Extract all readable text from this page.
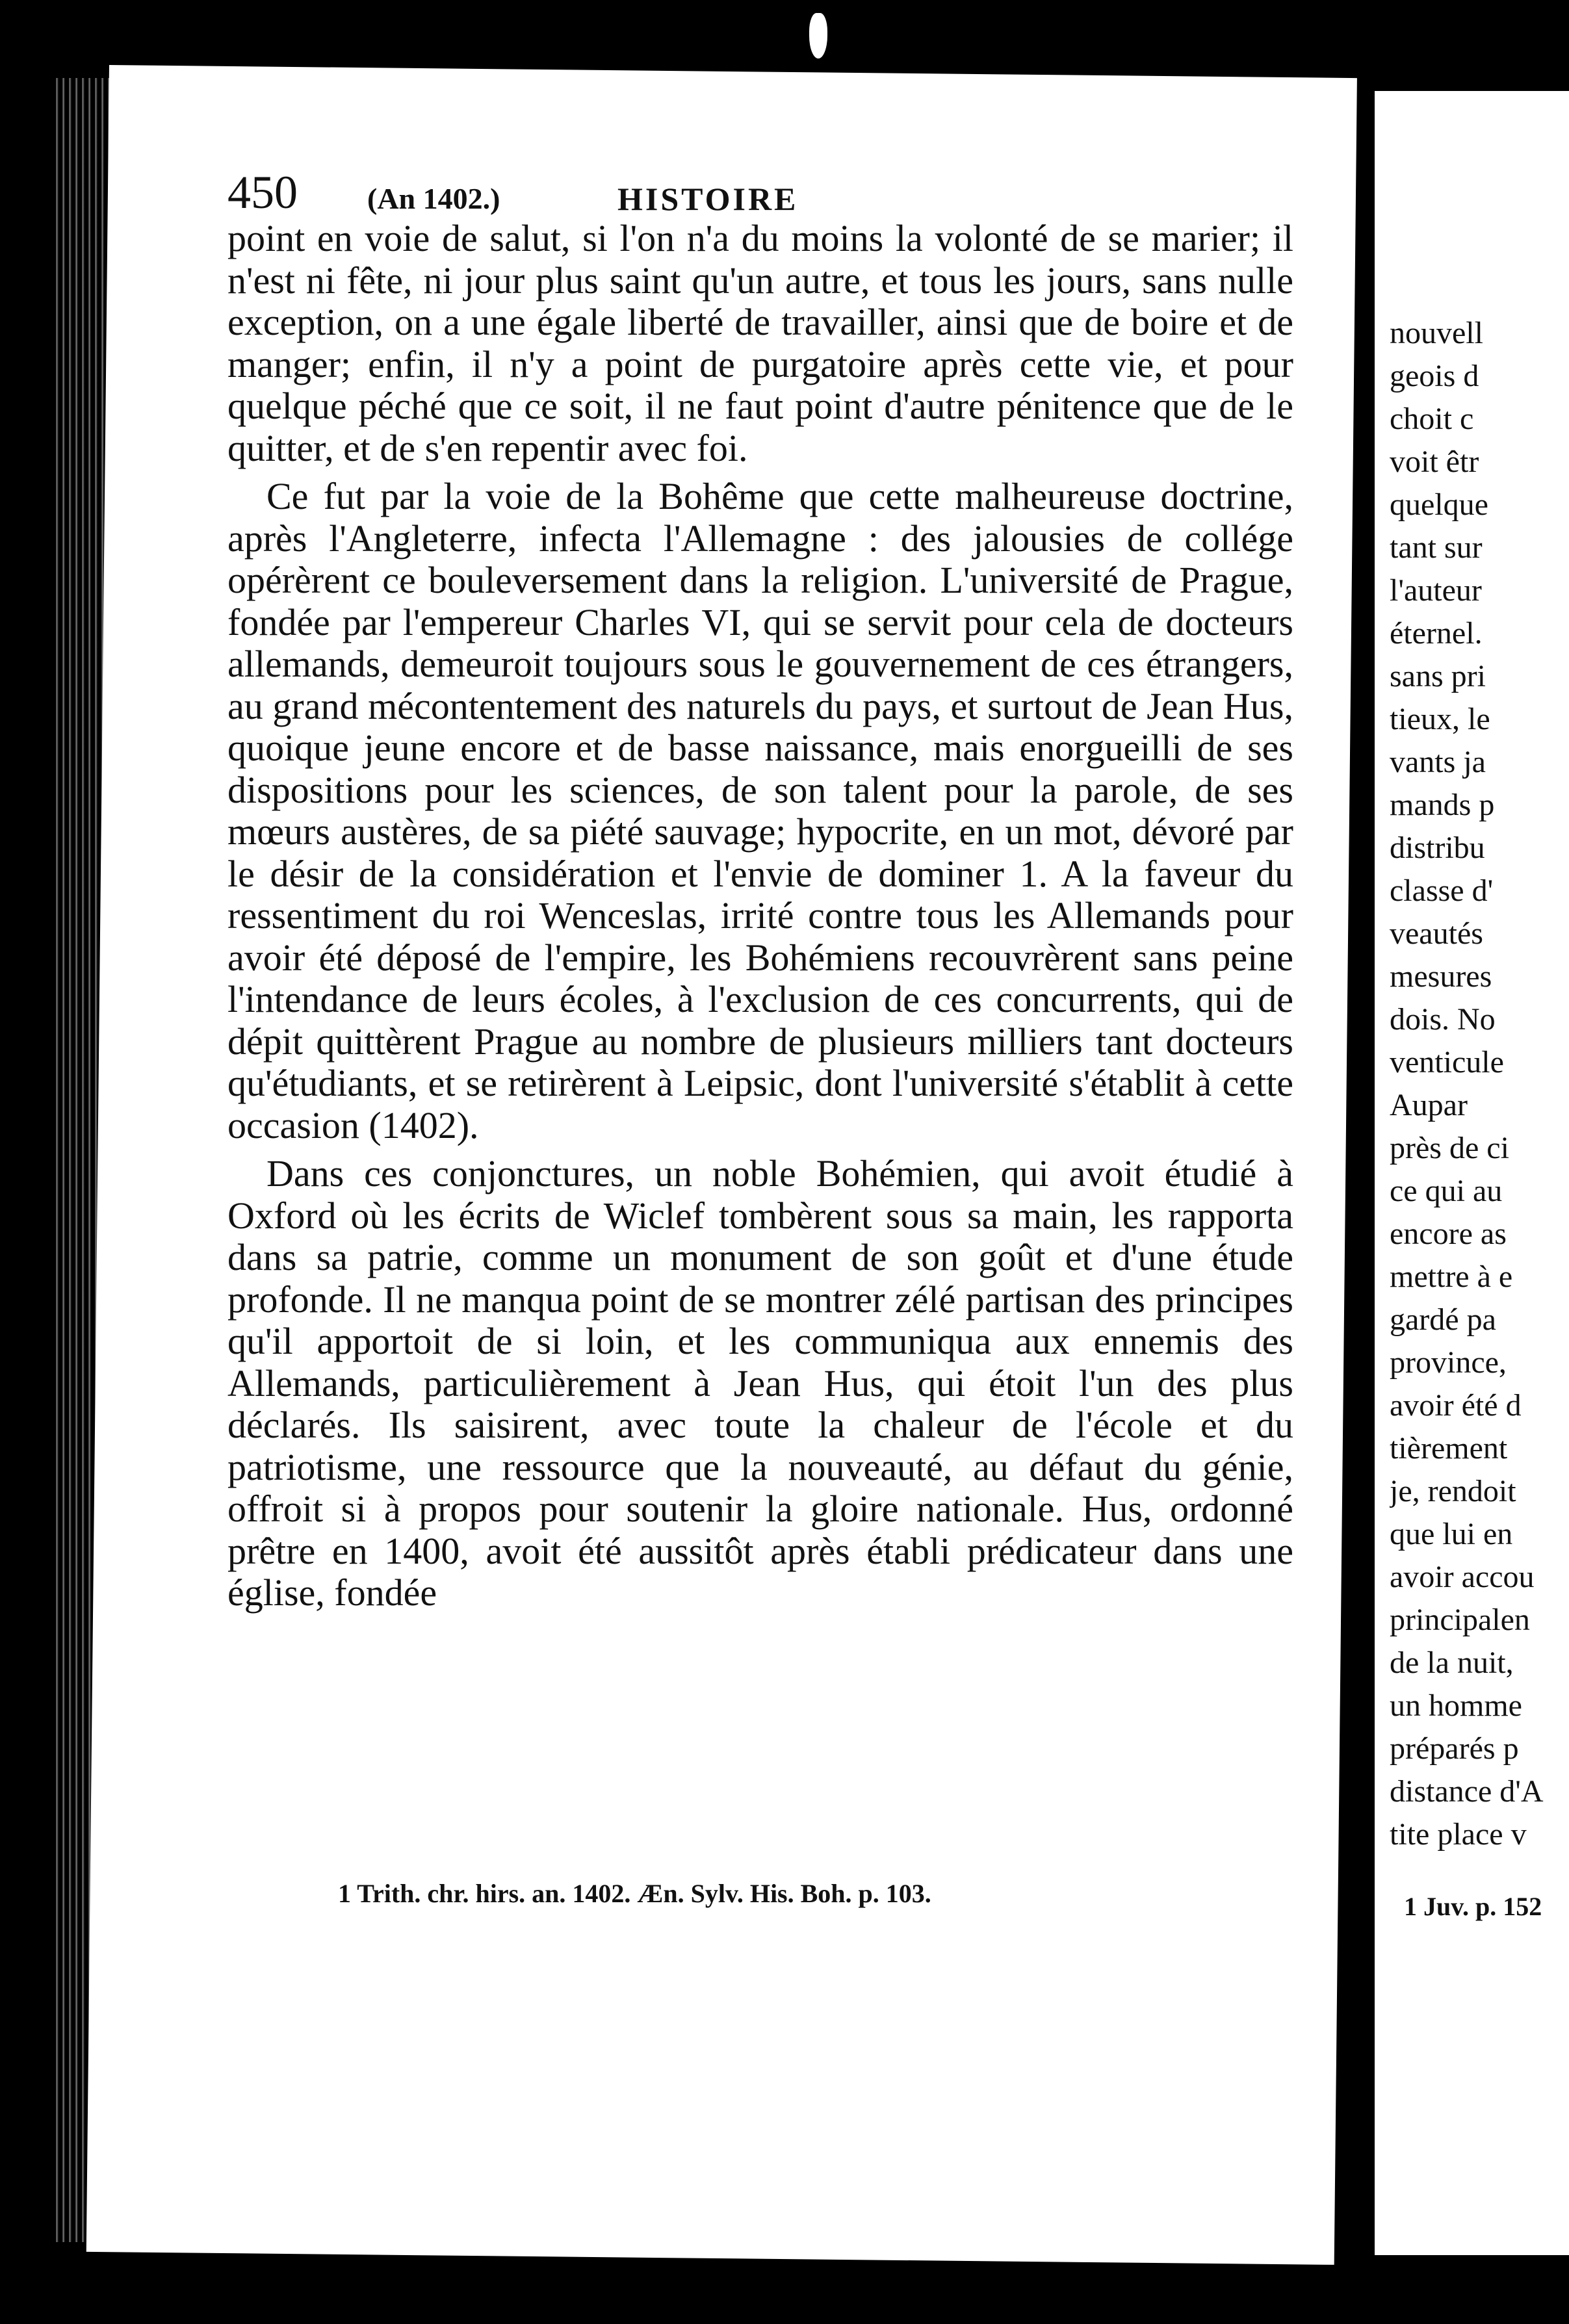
450 (An 1402.)	HISTOIRE

point en voie de salut, si l'on n'a du moins la volonté de se marier; il n'est ni fête, ni jour plus saint qu'un autre, et tous les jours, sans nulle exception, on a une égale liberté de travailler, ainsi que de boire et de manger; enfin, il n'y a point de purgatoire après cette vie, et pour quelque péché que ce soit, il ne faut point d'autre pénitence que de le quitter, et de s'en repentir avec foi.

Ce fut par la voie de la Bohême que cette malheureuse doctrine, après l'Angleterre, infecta l'Allemagne : des jalousies de collége opérèrent ce bouleversement dans la religion. L'université de Prague, fondée par l'empereur Charles VI, qui se servit pour cela de docteurs allemands, demeuroit toujours sous le gouvernement de ces étrangers, au grand mécontentement des naturels du pays, et surtout de Jean Hus, quoique jeune encore et de basse naissance, mais enorgueilli de ses dispositions pour les sciences, de son talent pour la parole, de ses mœurs austères, de sa piété sauvage; hypocrite, en un mot, dévoré par le désir de la considération et l'envie de dominer 1. A la faveur du ressentiment du roi Wenceslas, irrité contre tous les Allemands pour avoir été déposé de l'empire, les Bohémiens recouvrèrent sans peine l'intendance de leurs écoles, à l'exclusion de ces concurrents, qui de dépit quittèrent Prague au nombre de plusieurs milliers tant docteurs qu'étudiants, et se retirèrent à Leipsic, dont l'université s'établit à cette occasion (1402).

Dans ces conjonctures, un noble Bohémien, qui avoit étudié à Oxford où les écrits de Wiclef tombèrent sous sa main, les rapporta dans sa patrie, comme un monument de son goût et d'une étude profonde. Il ne manqua point de se montrer zélé partisan des principes qu'il apportoit de si loin, et les communiqua aux ennemis des Allemands, particulièrement à Jean Hus, qui étoit l'un des plus déclarés. Ils saisirent, avec toute la chaleur de l'école et du patriotisme, une ressource que la nouveauté, au défaut du génie, offroit si à propos pour soutenir la gloire nationale. Hus, ordonné prêtre en 1400, avoit été aussitôt après établi prédicateur dans une église, fondée

1 Trith. chr. hirs. an. 1402. Æn. Sylv. His. Boh. p. 103.
nouvell
geois d
choit c
voit êtr
quelque
tant sur
l'auteur
éternel.
sans pri
tieux, le
vants ja
mands p
distribu
classe d'
veautés
mesures
dois. No
venticule
Aupar
près de ci
ce qui au
encore as
mettre à e
gardé pa
province,
avoir été d
tièrement
je, rendoit
que lui en
avoir accou
principalen
de la nuit,
un homme
préparés p
distance d'A
tite place v
1 Juv. p. 152
